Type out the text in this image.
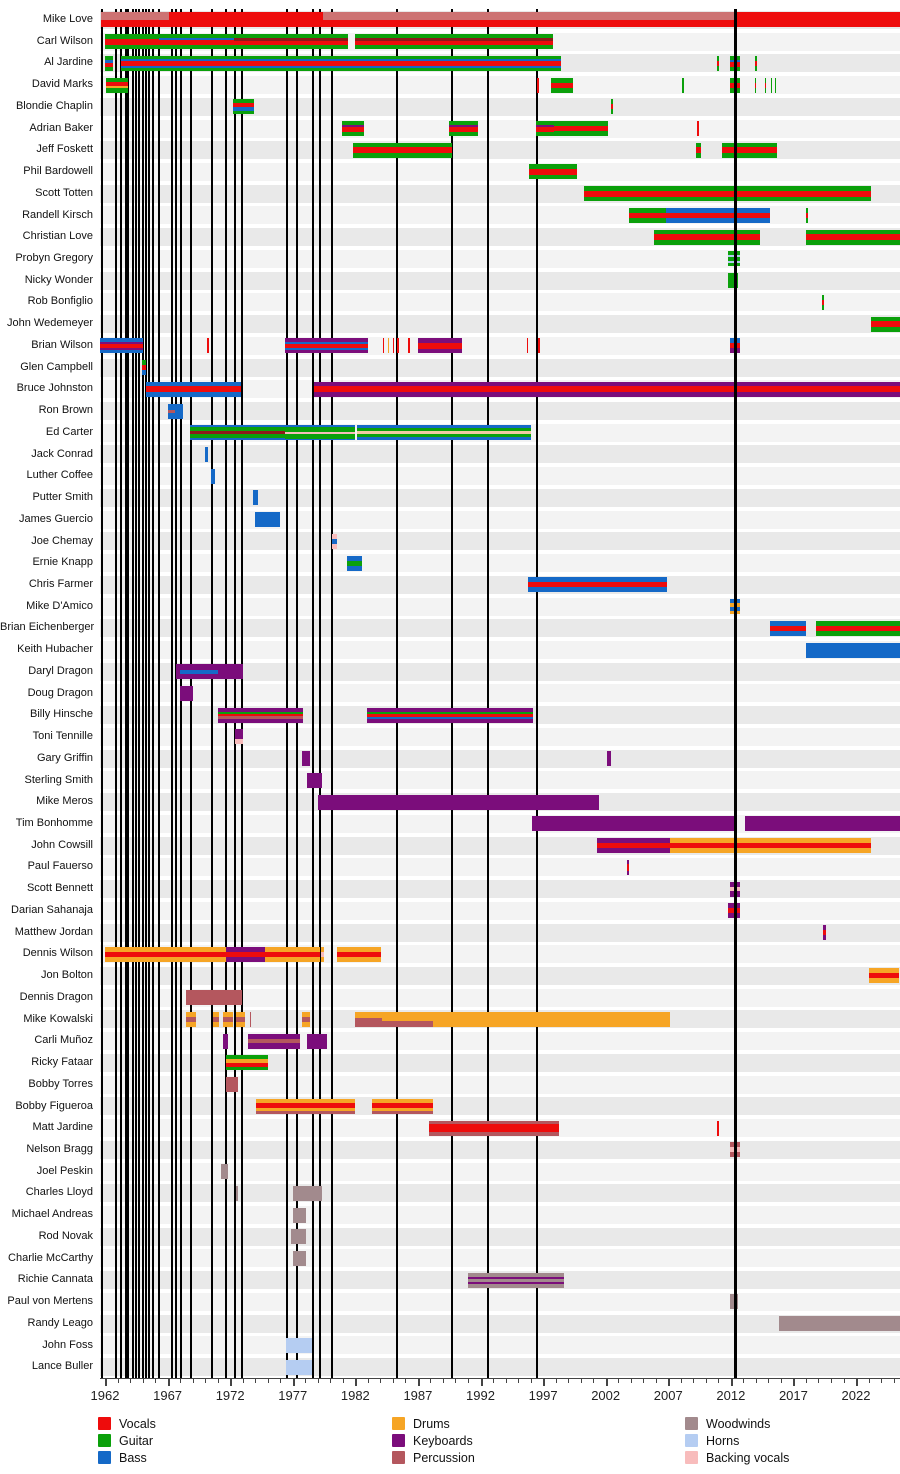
Mike Love
Carl Wilson
Al Jardine
David Marks
Blondie Chaplin
Adrian Baker
Jeff Foskett
Phil Bardowell
Scott Totten
Randell Kirsch
Christian Love
Probyn Gregory
Nicky Wonder
Rob Bonfiglio
John Wedemeyer
Brian Wilson
Glen Campbell
Bruce Johnston
Ron Brown
Ed Carter
Jack Conrad
Luther Coffee
Putter Smith
James Guercio
Joe Chemay
Ernie Knapp
Chris Farmer
Mike D'Amico
Brian Eichenberger
Keith Hubacher
Daryl Dragon
Doug Dragon
Billy Hinsche
Toni Tennille
Gary Griffin
Sterling Smith
Mike Meros
Tim Bonhomme
John Cowsill
Paul Fauerso
Scott Bennett
Darian Sahanaja
Matthew Jordan
Dennis Wilson
Jon Bolton
Dennis Dragon
Mike Kowalski
Carli Muñoz
Ricky Fataar
Bobby Torres
Bobby Figueroa
Matt Jardine
Nelson Bragg
Joel Peskin
Charles Lloyd
Michael Andreas
Rod Novak
Charlie McCarthy
Richie Cannata
Paul von Mertens
Randy Leago
John Foss
Lance Buller
1962	1967	1972	1977	1982	1987	1992	1997	2002	2007	2012	2017	2022
Vocals
Guitar
Bass
Drums
Keyboards
Percussion
Woodwinds
Horns
Backing vocals
